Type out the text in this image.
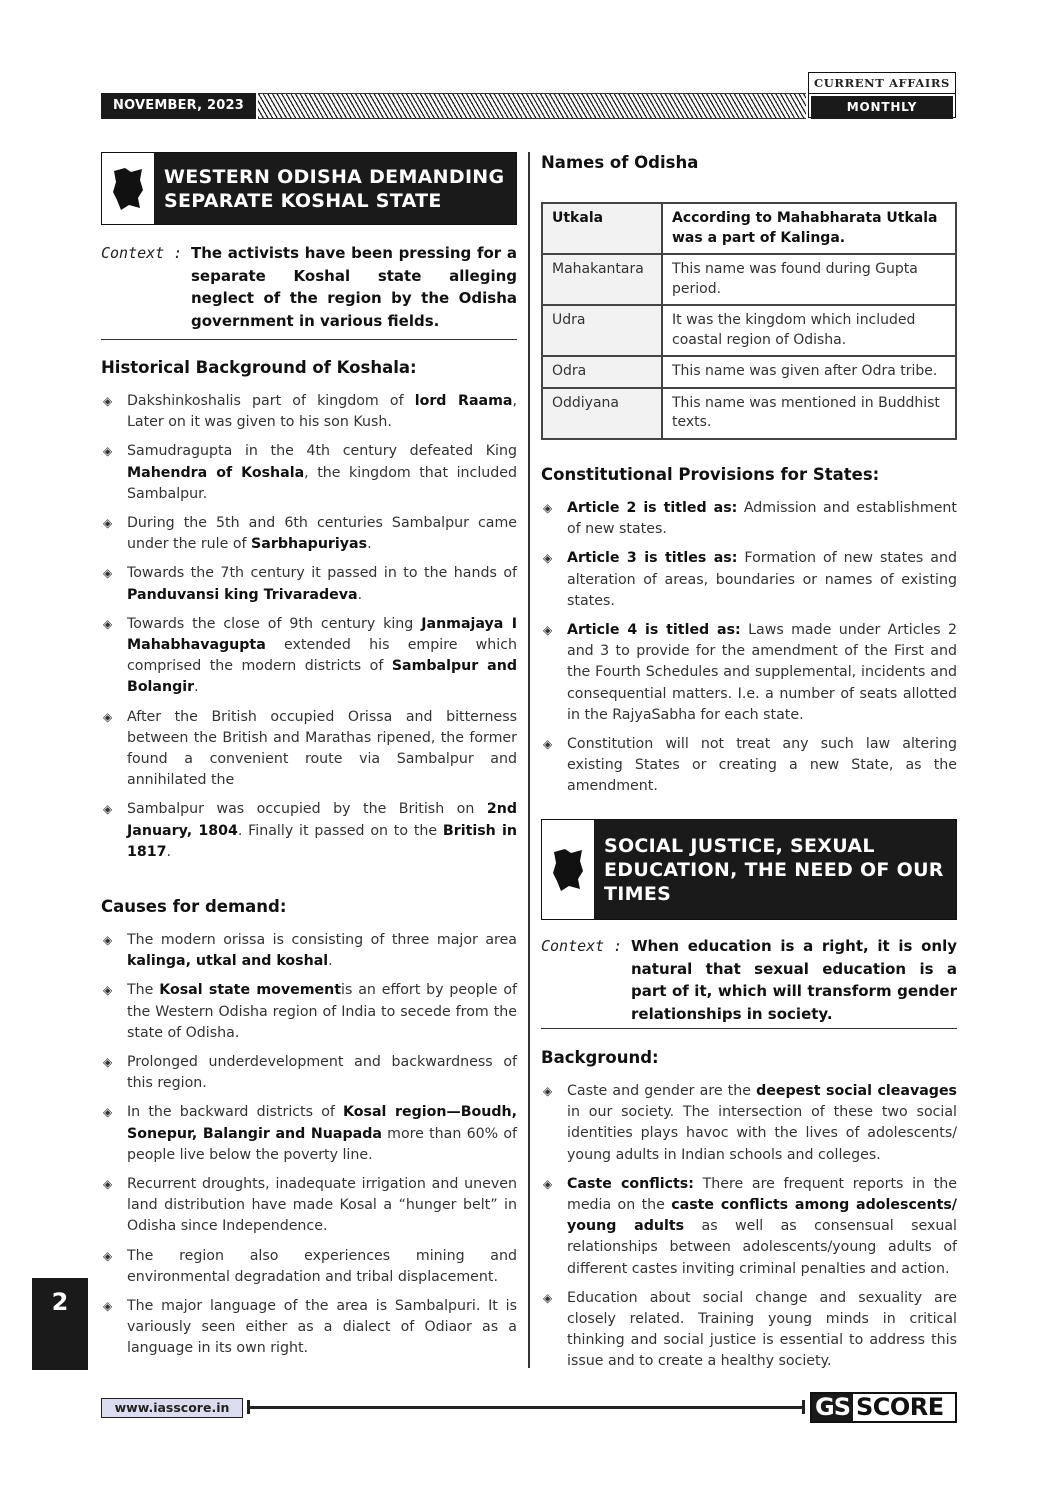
NOVEMBER, 2023
CURRENT AFFAIRS
MONTHLY
WESTERN ODISHA DEMANDING SEPARATE KOSHAL STATE
Context : The activists have been pressing for a separate Koshal state alleging neglect of the region by the Odisha government in various fields.
Historical Background of Koshala:
◈ Dakshinkoshalis part of kingdom of lord Raama, Later on it was given to his son Kush.
◈ Samudragupta in the 4th century defeated King Mahendra of Koshala, the kingdom that included Sambalpur.
◈ During the 5th and 6th centuries Sambalpur came under the rule of Sarbhapuriyas.
◈ Towards the 7th century it passed in to the hands of Panduvansi king Trivaradeva.
◈ Towards the close of 9th century king Janmajaya I Mahabhavagupta extended his empire which comprised the modern districts of Sambalpur and Bolangir.
◈ After the British occupied Orissa and bitterness between the British and Marathas ripened, the former found a convenient route via Sambalpur and annihilated the
◈ Sambalpur was occupied by the British on 2nd January, 1804. Finally it passed on to the British in 1817.
Causes for demand:
◈ The modern orissa is consisting of three major area kalinga, utkal and koshal.
◈ The Kosal state movementis an effort by people of the Western Odisha region of India to secede from the state of Odisha.
◈ Prolonged underdevelopment and backwardness of this region.
◈ In the backward districts of Kosal region—Boudh, Sonepur, Balangir and Nuapada more than 60% of people live below the poverty line.
◈ Recurrent droughts, inadequate irrigation and uneven land distribution have made Kosal a “hunger belt” in Odisha since Independence.
◈ The region also experiences mining and environmental degradation and tribal displacement.
◈ The major language of the area is Sambalpuri. It is variously seen either as a dialect of Odiaor as a language in its own right.
Names of Odisha
Utkala	According to Mahabharata Utkala was a part of Kalinga.
Mahakantara	This name was found during Gupta period.
Udra	It was the kingdom which included coastal region of Odisha.
Odra	This name was given after Odra tribe.
Oddiyana	This name was mentioned in Buddhist texts.
Constitutional Provisions for States:
◈ Article 2 is titled as: Admission and establishment of new states.
◈ Article 3 is titles as: Formation of new states and alteration of areas, boundaries or names of existing states.
◈ Article 4 is titled as: Laws made under Articles 2 and 3 to provide for the amendment of the First and the Fourth Schedules and supplemental, incidents and consequential matters. I.e. a number of seats allotted in the RajyaSabha for each state.
◈ Constitution will not treat any such law altering existing States or creating a new State, as the amendment.
SOCIAL JUSTICE, SEXUAL EDUCATION, THE NEED OF OUR TIMES
Context : When education is a right, it is only natural that sexual education is a part of it, which will transform gender relationships in society.
Background:
◈ Caste and gender are the deepest social cleavages in our society. The intersection of these two social identities plays havoc with the lives of adolescents/ young adults in Indian schools and colleges.
◈ Caste conflicts: There are frequent reports in the media on the caste conflicts among adolescents/ young adults as well as consensual sexual relationships between adolescents/young adults of different castes inviting criminal penalties and action.
◈ Education about social change and sexuality are closely related. Training young minds in critical thinking and social justice is essential to address this issue and to create a healthy society.
2
www.iasscore.in	GS SCORE
